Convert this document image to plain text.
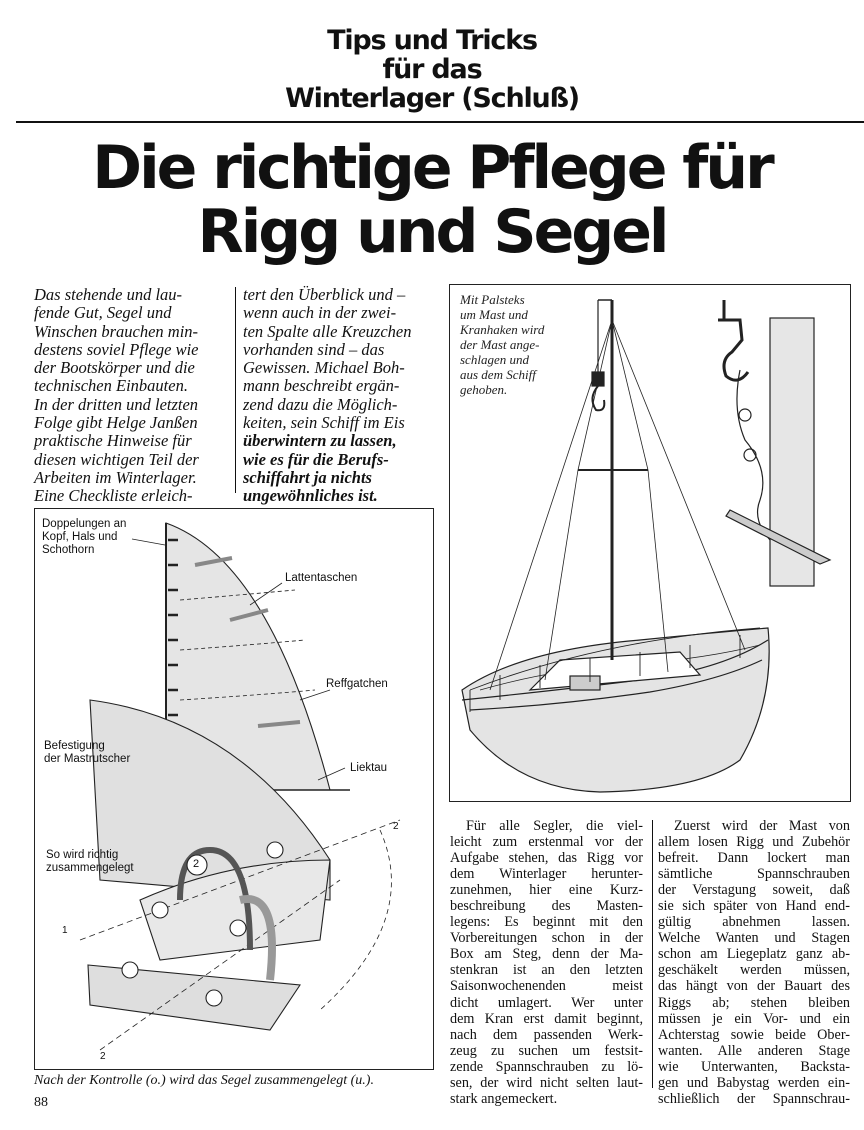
Tips und Tricks
für das
Winterlager (Schluß)
Die richtige Pflege für
Rigg und Segel
Das stehende und lau-
fende Gut, Segel und
Winschen brauchen min-
destens soviel Pflege wie
der Bootskörper und die
technischen Einbauten.
In der dritten und letzten
Folge gibt Helge Janßen
praktische Hinweise für
diesen wichtigen Teil der
Arbeiten im Winterlager.
Eine Checkliste erleich-
tert den Überblick und –
wenn auch in der zwei-
ten Spalte alle Kreuzchen
vorhanden sind – das
Gewissen. Michael Boh-
mann beschreibt ergän-
zend dazu die Möglich-
keiten, sein Schiff im Eis
überwintern zu lassen,
wie es für die Berufs-
schiffahrt ja nichts
ungewöhnliches ist.
Mit Palsteks
um Mast und
Kranhaken wird
der Mast ange-
schlagen und
aus dem Schiff
gehoben.
Doppelungen an
Kopf, Hals und
Schothorn
Lattentaschen
Reffgatchen
Befestigung
der Mastrutscher
Liektau
So wird richtig
zusammengelegt	2
2
2
1
Nach der Kontrolle (o.) wird das Segel zusammengelegt (u.).
88
Für alle Segler, die viel-
leicht zum erstenmal vor der
Aufgabe stehen, das Rigg vor
dem Winterlager herunter-
zunehmen, hier eine Kurz-
beschreibung des Masten-
legens: Es beginnt mit den
Vorbereitungen schon in der
Box am Steg, denn der Ma-
stenkran ist an den letzten
Saisonwochenenden meist
dicht umlagert. Wer unter
dem Kran erst damit beginnt,
nach dem passenden Werk-
zeug zu suchen um festsit-
zende Spannschrauben zu lö-
sen, der wird nicht selten laut-
stark angemeckert.
Zuerst wird der Mast von
allem losen Rigg und Zubehör
befreit. Dann lockert man
sämtliche Spannschrauben
der Verstagung soweit, daß
sie sich später von Hand end-
gültig abnehmen lassen.
Welche Wanten und Stagen
schon am Liegeplatz ganz ab-
geschäkelt werden müssen,
das hängt von der Bauart des
Riggs ab; stehen bleiben
müssen je ein Vor- und ein
Achterstag sowie beide Ober-
wanten. Alle anderen Stage
wie Unterwanten, Backsta-
gen und Babystag werden ein-
schließlich der Spannschrau-
